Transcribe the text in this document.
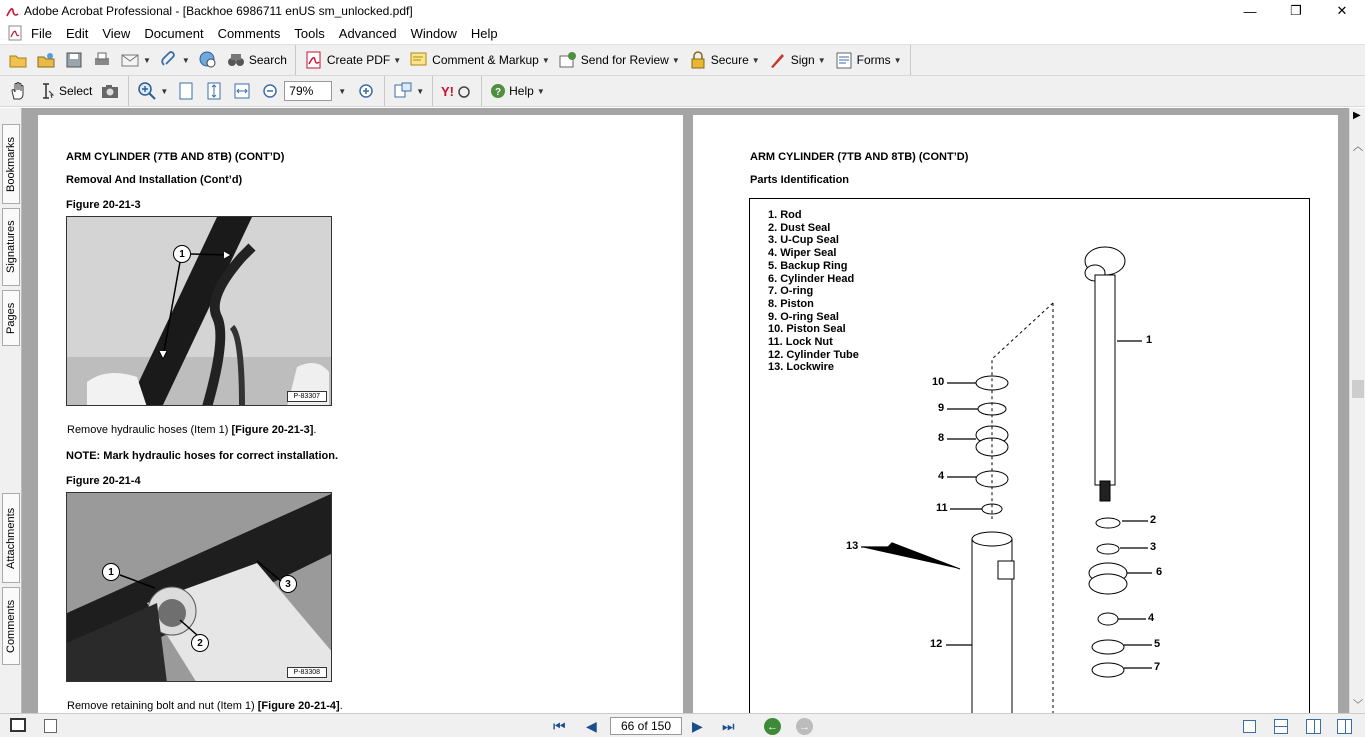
Adobe Acrobat Professional - [Backhoe 6986711 enUS sm_unlocked.pdf]	—	❐	✕
File	Edit	View	Document	Comments	Tools	Advanced	Window	Help
▼	▼	Search	Create PDF ▼	Comment & Markup ▼	Send for Review ▼	Secure ▼	Sign ▼	Forms ▼
Select	▼	79%	▼	▼ Y!	? Help ▼
Bookmarks
Signatures
Pages
Attachments
Comments
ARM CYLINDER (7TB AND 8TB) (CONT’D)
Removal And Installation (Cont’d)
Figure 20-21-3
1
P-83307
Remove hydraulic hoses (Item 1) [Figure 20-21-3].
NOTE: Mark hydraulic hoses for correct installation.
Figure 20-21-4
1
2
3
P-83308
Remove retaining bolt and nut (Item 1) [Figure 20-21-4].
ARM CYLINDER (7TB AND 8TB) (CONT’D)
Parts Identification
1. Rod
2. Dust Seal
3. U-Cup Seal
4. Wiper Seal
5. Backup Ring
6. Cylinder Head
7. O-ring
8. Piston
9. O-ring Seal
10. Piston Seal
11. Lock Nut
12. Cylinder Tube
13. Lockwire
1
2
3
6
4
5
7
10
9
8
4
11
13
12
▶
︿
﹀
⏮ ◀	66 of 150	▶ ⏭	← →
